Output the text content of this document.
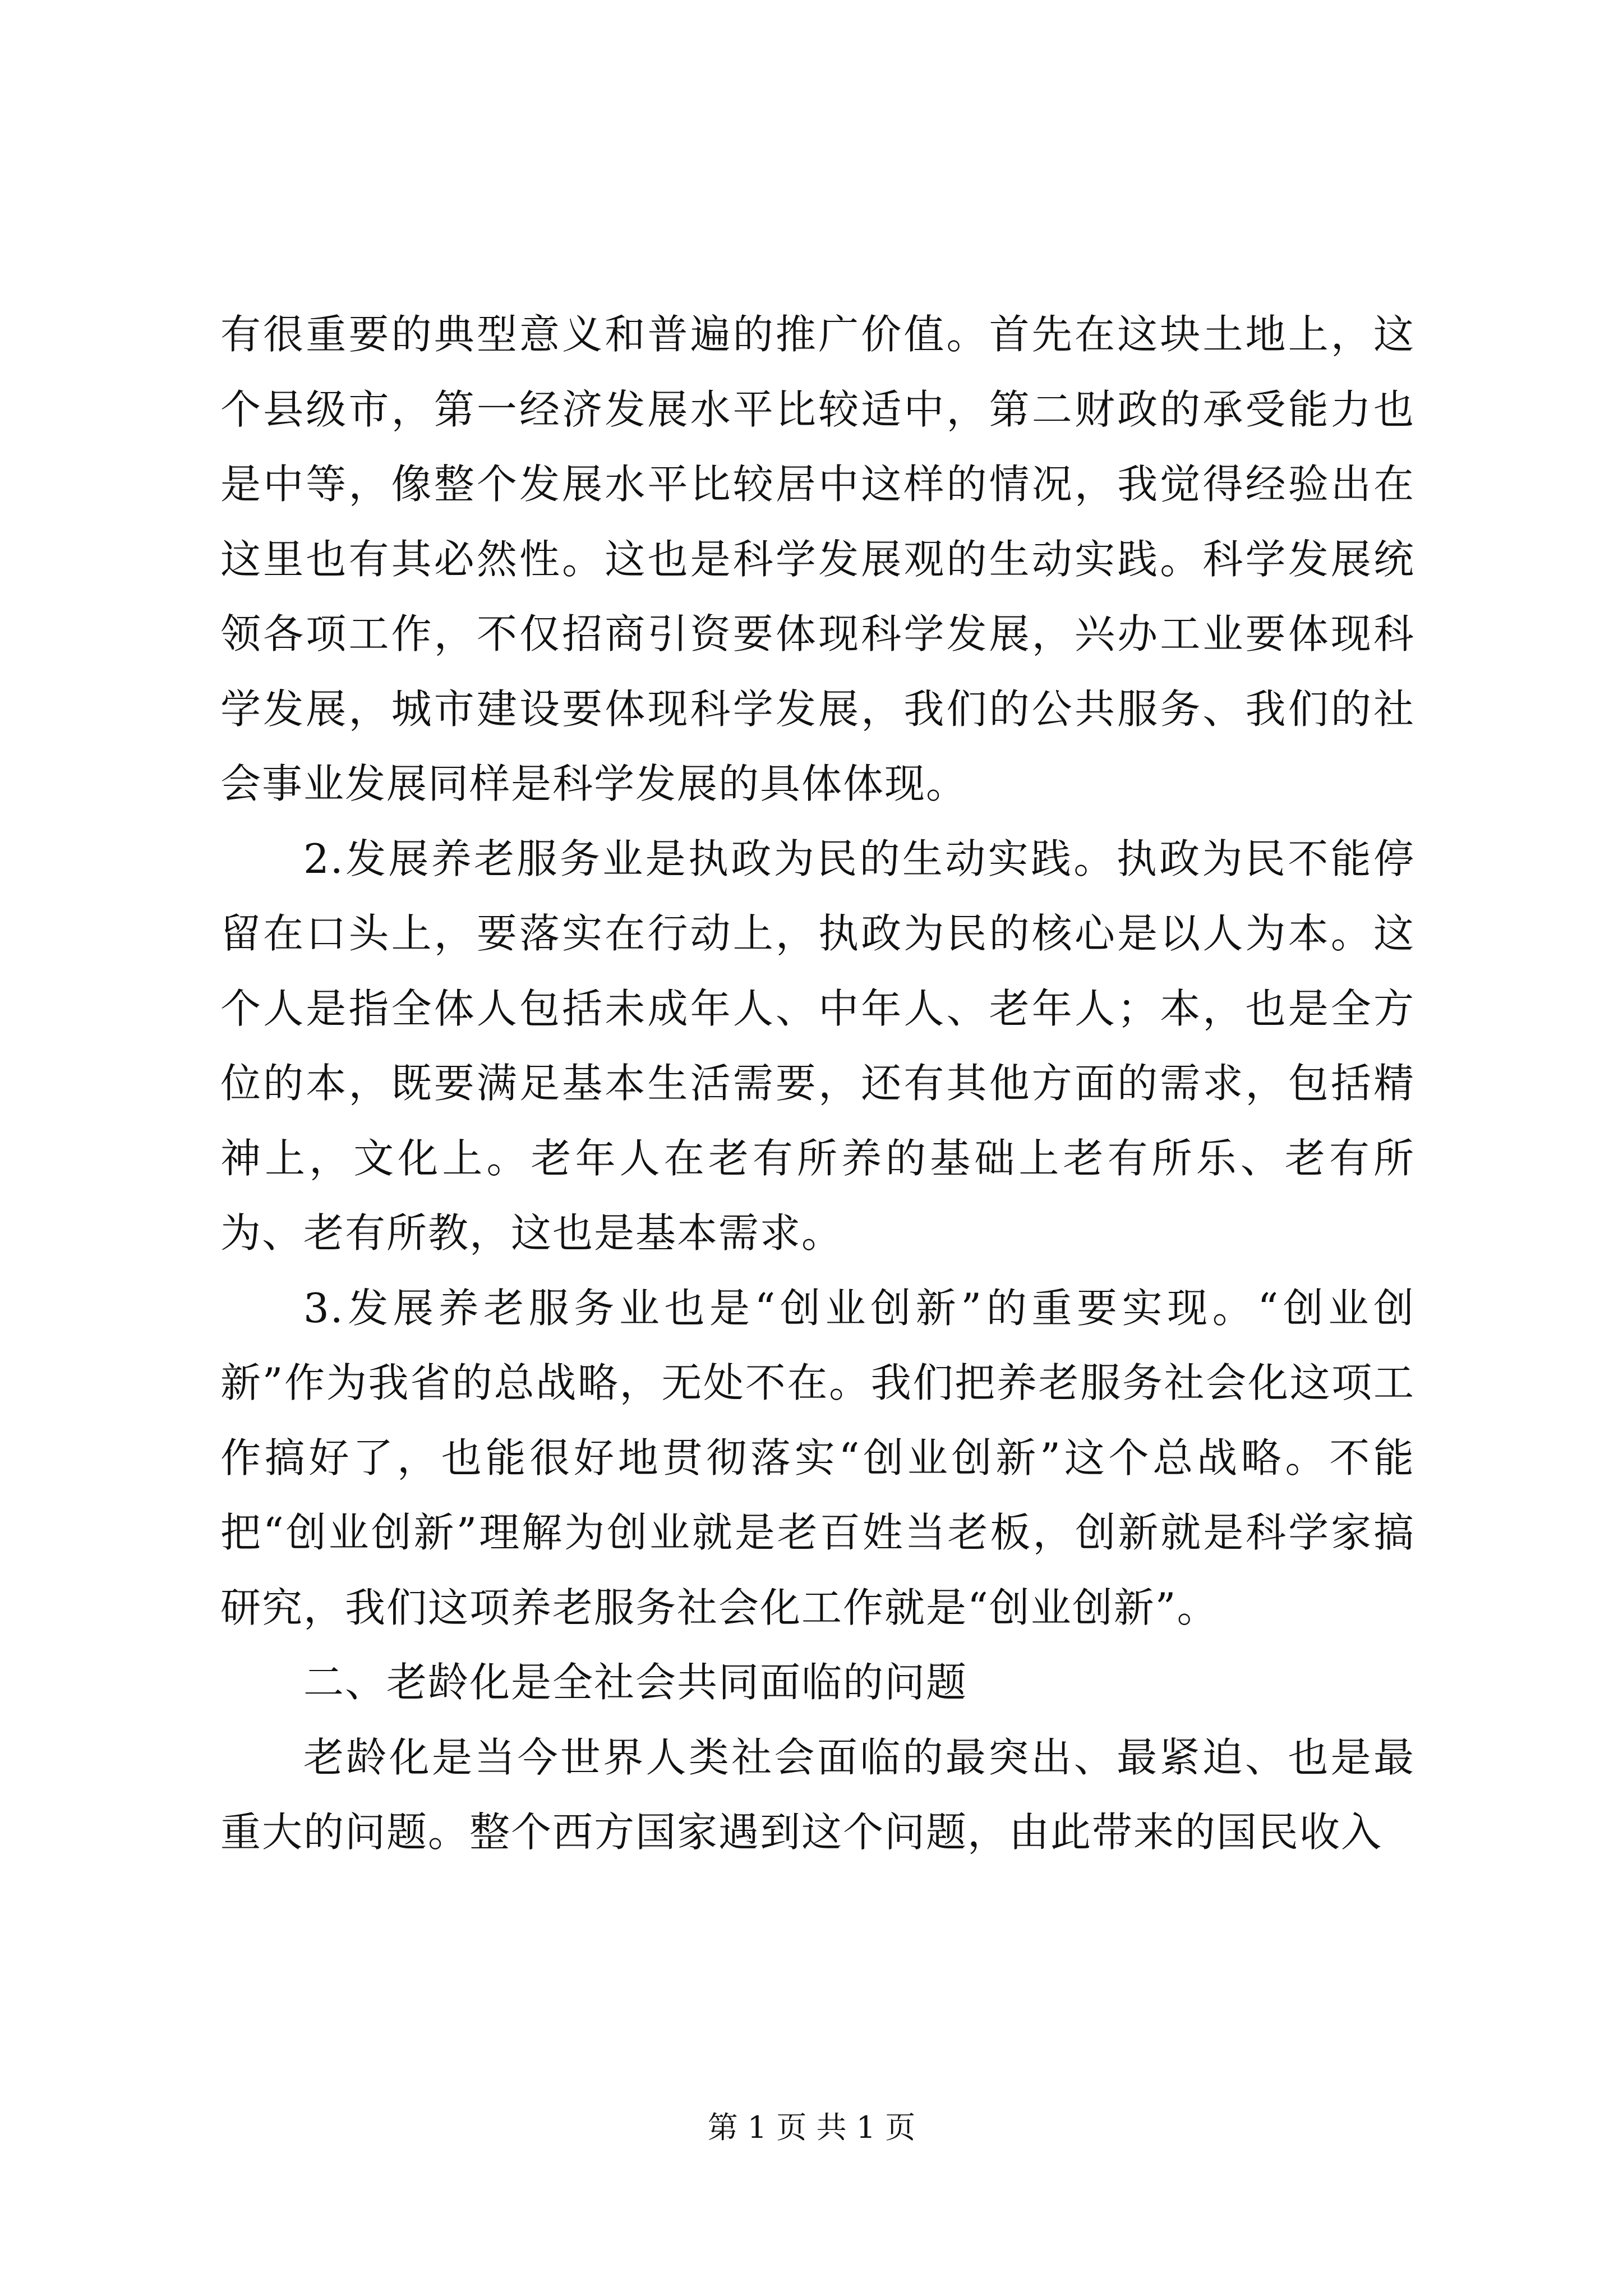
有很重要的典型意义和普遍的推广价值。首先在这块土地上，这个县级市，第一经济发展水平比较适中，第二财政的承受能力也是中等，像整个发展水平比较居中这样的情况，我觉得经验出在这里也有其必然性。这也是科学发展观的生动实践。科学发展统领各项工作，不仅招商引资要体现科学发展，兴办工业要体现科学发展，城市建设要体现科学发展，我们的公共服务、我们的社会事业发展同样是科学发展的具体体现。

2.发展养老服务业是执政为民的生动实践。执政为民不能停留在口头上，要落实在行动上，执政为民的核心是以人为本。这个人是指全体人包括未成年人、中年人、老年人；本，也是全方位的本，既要满足基本生活需要，还有其他方面的需求，包括精神上，文化上。老年人在老有所养的基础上老有所乐、老有所为、老有所教，这也是基本需求。

3.发展养老服务业也是“创业创新”的重要实现。“创业创新”作为我省的总战略，无处不在。我们把养老服务社会化这项工作搞好了，也能很好地贯彻落实“创业创新”这个总战略。不能把“创业创新”理解为创业就是老百姓当老板，创新就是科学家搞研究，我们这项养老服务社会化工作就是“创业创新”。

二、老龄化是全社会共同面临的问题

老龄化是当今世界人类社会面临的最突出、最紧迫、也是最重大的问题。整个西方国家遇到这个问题，由此带来的国民收入

第 1 页 共 1 页
